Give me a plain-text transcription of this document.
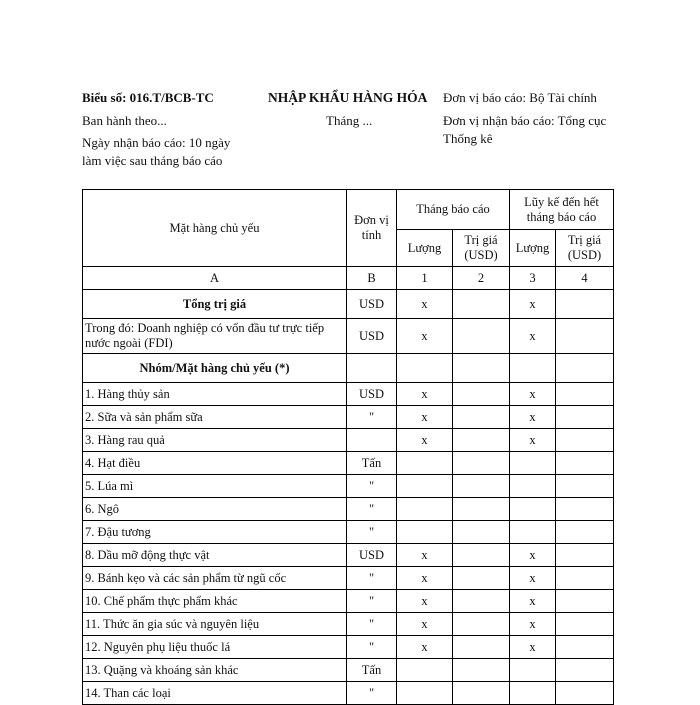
Biểu số: 016.T/BCB-TC	NHẬP KHẨU HÀNG HÓA Đơn vị báo cáo: Bộ Tài chính
Ban hành theo...	Tháng ...	Đơn vị nhận báo cáo: Tổng cục Thống kê
Ngày nhận báo cáo: 10 ngày làm việc sau tháng báo cáo
Mặt hàng chủ yếu	Đơn vị tính	Tháng báo cáo		Lũy kế đến hết tháng báo cáo	
		Lượng	Trị giá (USD)	Lượng	Trị giá (USD)
A	B	1	2	3	4
Tổng trị giá	USD	x		x	
Trong đó: Doanh nghiệp có vốn đầu tư trực tiếp nước ngoài (FDI)	USD	x		x	
Nhóm/Mặt hàng chủ yếu (*)					
1. Hàng thủy sản	USD	x		x	
2. Sữa và sản phẩm sữa	"	x		x	
3. Hàng rau quả		x		x	
4. Hạt điều	Tấn				
5. Lúa mì	"				
6. Ngô	"				
7. Đậu tương	"				
8. Dầu mỡ động thực vật	USD	x		x	
9. Bánh kẹo và các sản phẩm từ ngũ cốc	"	x		x	
10. Chế phẩm thực phẩm khác	"	x		x	
11. Thức ăn gia súc và nguyên liệu	"	x		x	
12. Nguyên phụ liệu thuốc lá	"	x		x	
13. Quặng và khoáng sản khác	Tấn				
14. Than các loại	"				
